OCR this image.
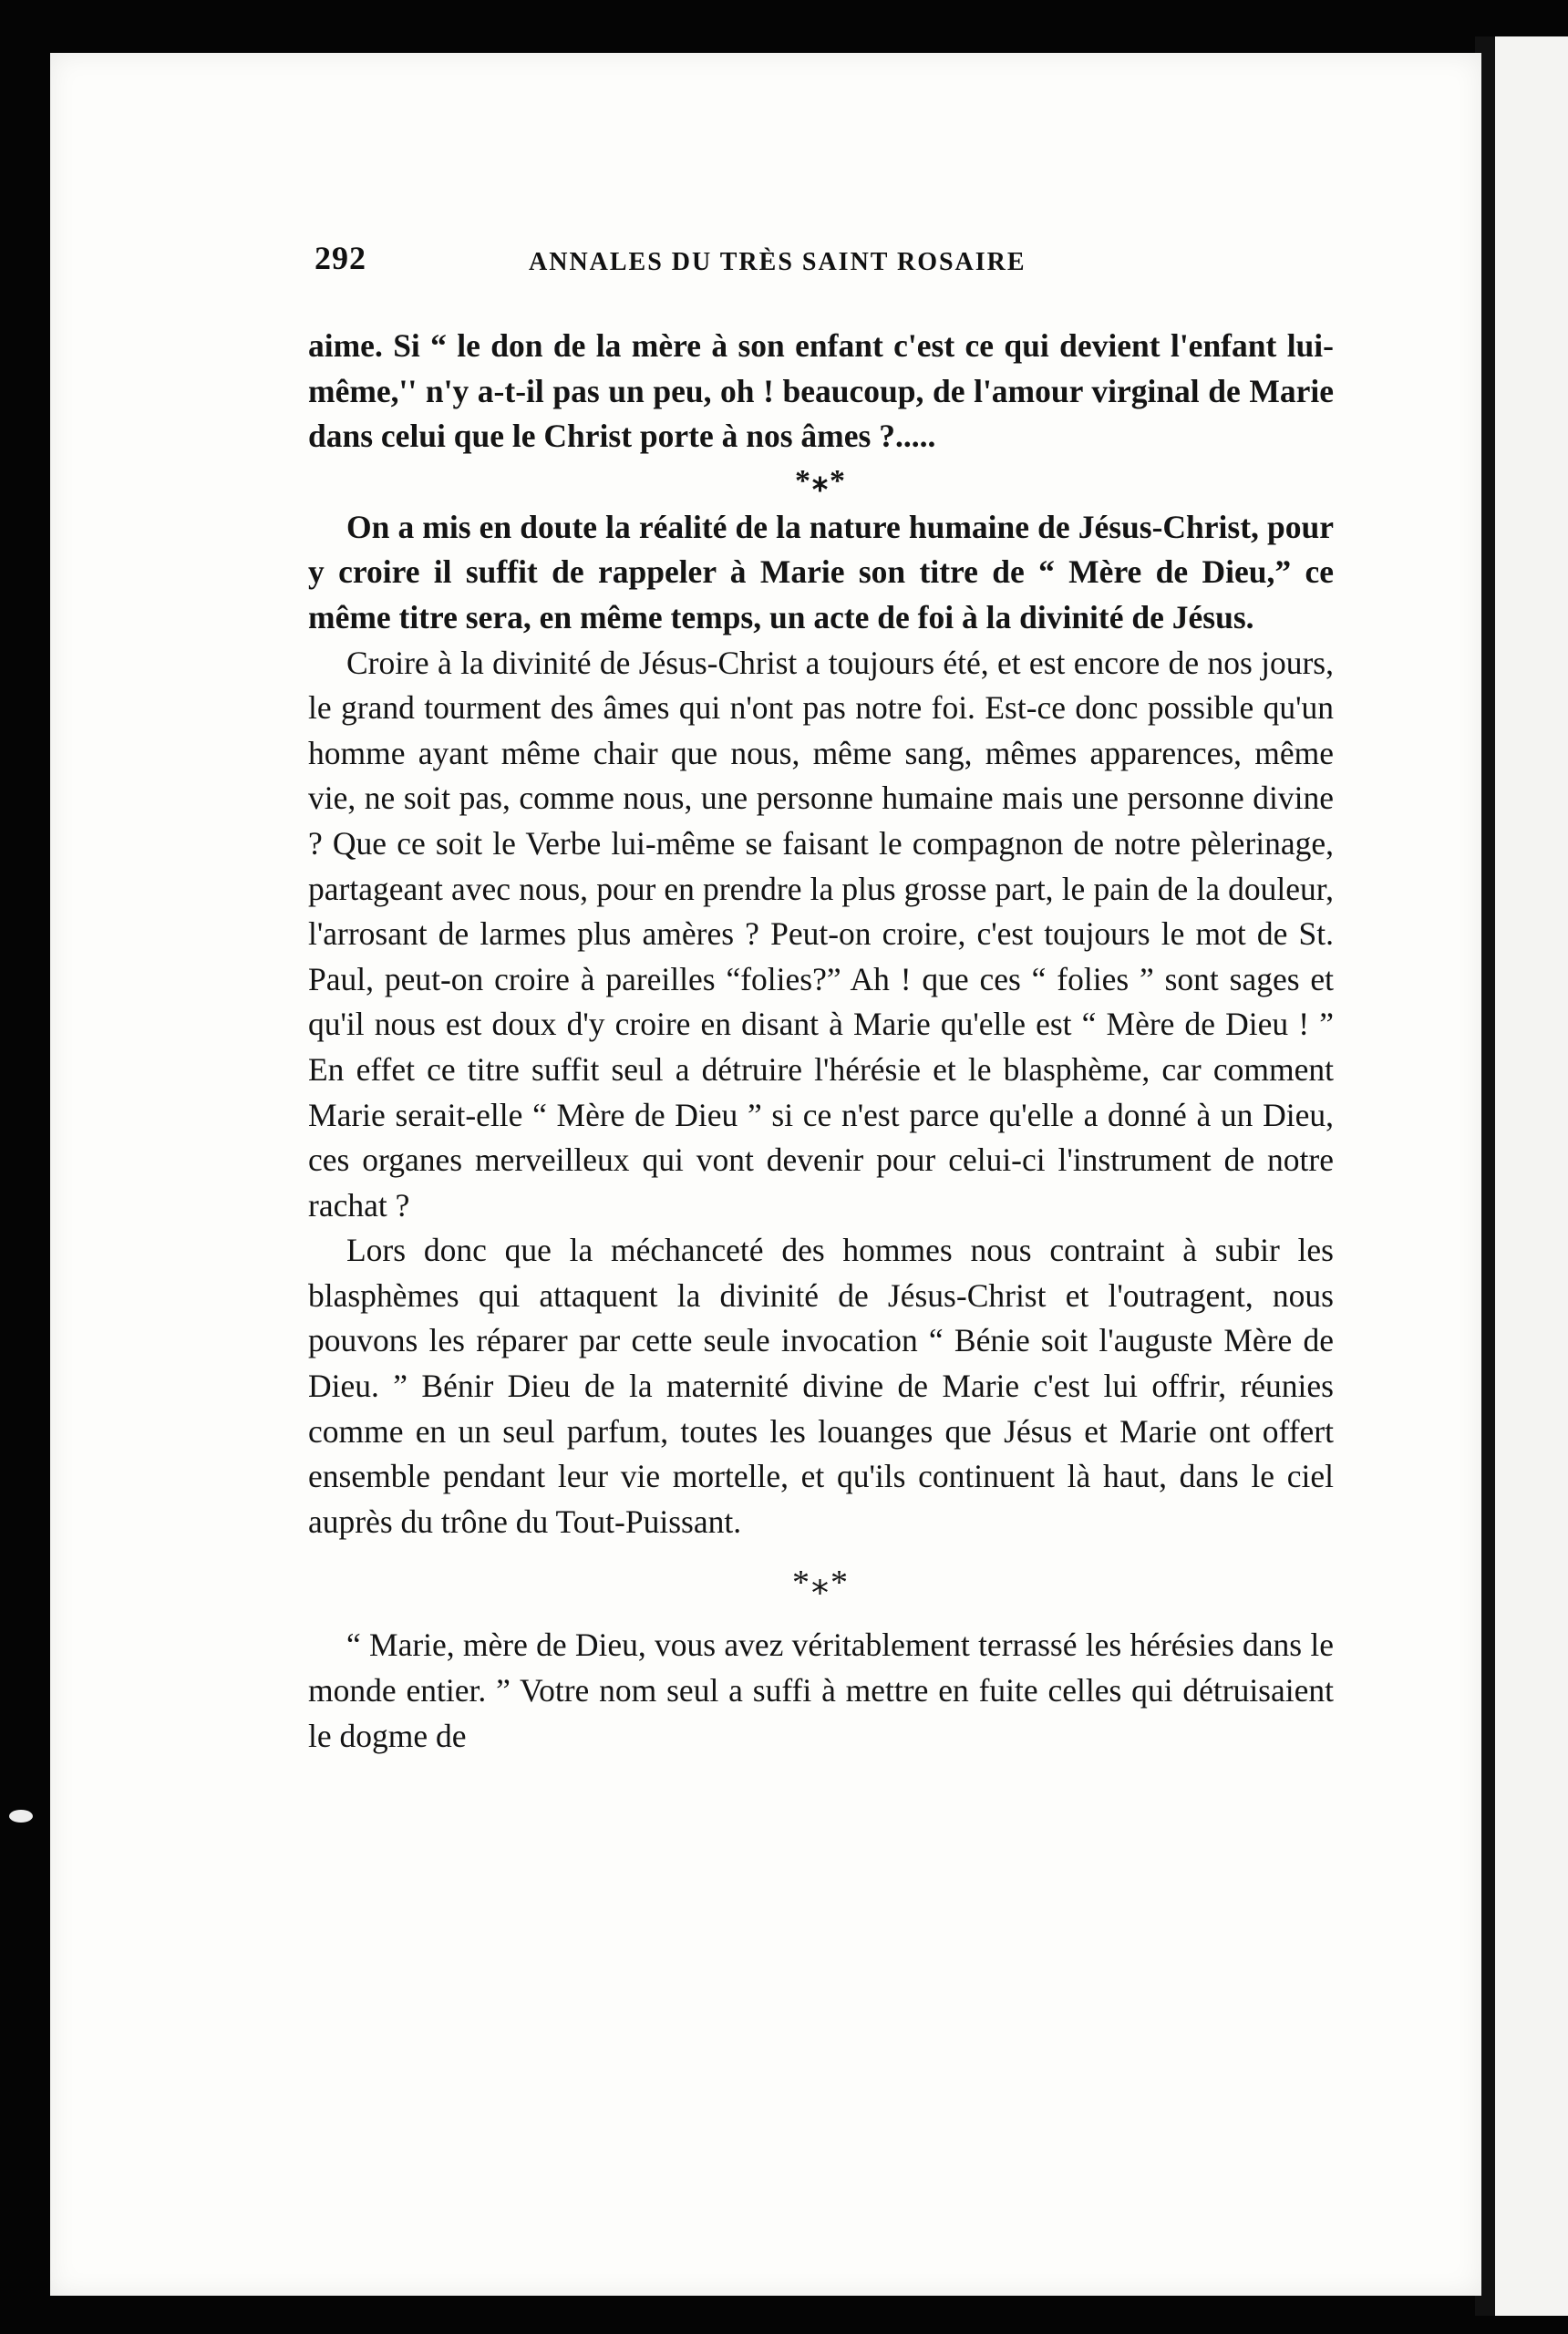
292	ANNALES DU TRÈS SAINT ROSAIRE

aime. Si “ le don de la mère à son enfant c'est ce qui devient l'enfant lui-même,'' n'y a-t-il pas un peu, oh ! beaucoup, de l'amour virginal de Marie dans celui que le Christ porte à nos âmes ?.....

*⁎*

On a mis en doute la réalité de la nature humaine de Jésus-Christ, pour y croire il suffit de rappeler à Marie son titre de “ Mère de Dieu,” ce même titre sera, en même temps, un acte de foi à la divinité de Jésus.

Croire à la divinité de Jésus-Christ a toujours été, et est encore de nos jours, le grand tourment des âmes qui n'ont pas notre foi. Est-ce donc possible qu'un homme ayant même chair que nous, même sang, mêmes apparences, même vie, ne soit pas, comme nous, une personne humaine mais une personne divine ? Que ce soit le Verbe lui-même se faisant le compagnon de notre pèlerinage, partageant avec nous, pour en prendre la plus grosse part, le pain de la douleur, l'arrosant de larmes plus amères ? Peut-on croire, c'est toujours le mot de St. Paul, peut-on croire à pareilles “folies?” Ah ! que ces “ folies ” sont sages et qu'il nous est doux d'y croire en disant à Marie qu'elle est “ Mère de Dieu ! ” En effet ce titre suffit seul a détruire l'hérésie et le blasphème, car comment Marie serait-elle “ Mère de Dieu ” si ce n'est parce qu'elle a donné à un Dieu, ces organes merveilleux qui vont devenir pour celui-ci l'instrument de notre rachat ?

Lors donc que la méchanceté des hommes nous contraint à subir les blasphèmes qui attaquent la divinité de Jésus-Christ et l'outragent, nous pouvons les réparer par cette seule invocation “ Bénie soit l'auguste Mère de Dieu. ” Bénir Dieu de la maternité divine de Marie c'est lui offrir, réunies comme en un seul parfum, toutes les louanges que Jésus et Marie ont offert ensemble pendant leur vie mortelle, et qu'ils continuent là haut, dans le ciel auprès du trône du Tout-Puissant.

*⁎*

“ Marie, mère de Dieu, vous avez véritablement terrassé les hérésies dans le monde entier. ” Votre nom seul a suffi à mettre en fuite celles qui détruisaient le dogme de
